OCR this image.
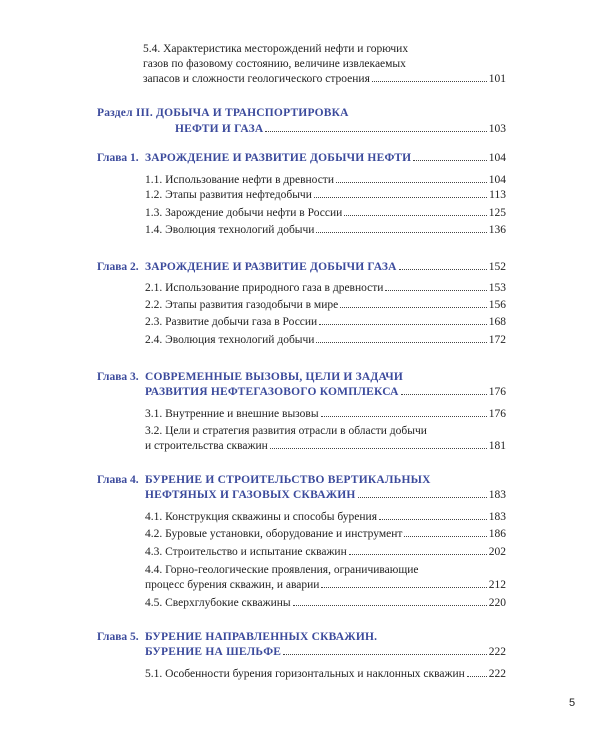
5.4. Характеристика месторождений нефти и горючих
газов по фазовому состоянию, величине извлекаемых
запасов и сложности геологического строения	101
Раздел III. ДОБЫЧА И ТРАНСПОРТИРОВКА
НЕФТИ И ГАЗА	103
Глава 1. ЗАРОЖДЕНИЕ И РАЗВИТИЕ ДОБЫЧИ НЕФТИ	104
1.1. Использование нефти в древности	104
1.2. Этапы развития нефтедобычи	113
1.3. Зарождение добычи нефти в России	125
1.4. Эволюция технологий добычи	136
Глава 2. ЗАРОЖДЕНИЕ И РАЗВИТИЕ ДОБЫЧИ ГАЗА	152
2.1. Использование природного газа в древности	153
2.2. Этапы развития газодобычи в мире	156
2.3. Развитие добычи газа в России	168
2.4. Эволюция технологий добычи	172
Глава 3. СОВРЕМЕННЫЕ ВЫЗОВЫ, ЦЕЛИ И ЗАДАЧИ
РАЗВИТИЯ НЕФТЕГАЗОВОГО КОМПЛЕКСА	176
3.1. Внутренние и внешние вызовы	176
3.2. Цели и стратегия развития отрасли в области добычи
и строительства скважин	181
Глава 4. БУРЕНИЕ И СТРОИТЕЛЬСТВО ВЕРТИКАЛЬНЫХ
НЕФТЯНЫХ И ГАЗОВЫХ СКВАЖИН	183
4.1. Конструкция скважины и способы бурения	183
4.2. Буровые установки, оборудование и инструмент	186
4.3. Строительство и испытание скважин	202
4.4. Горно-геологические проявления, ограничивающие
процесс бурения скважин, и аварии	212
4.5. Сверхглубокие скважины	220
Глава 5. БУРЕНИЕ НАПРАВЛЕННЫХ СКВАЖИН.
БУРЕНИЕ НА ШЕЛЬФЕ	222
5.1. Особенности бурения горизонтальных и наклонных скважин 222
5
